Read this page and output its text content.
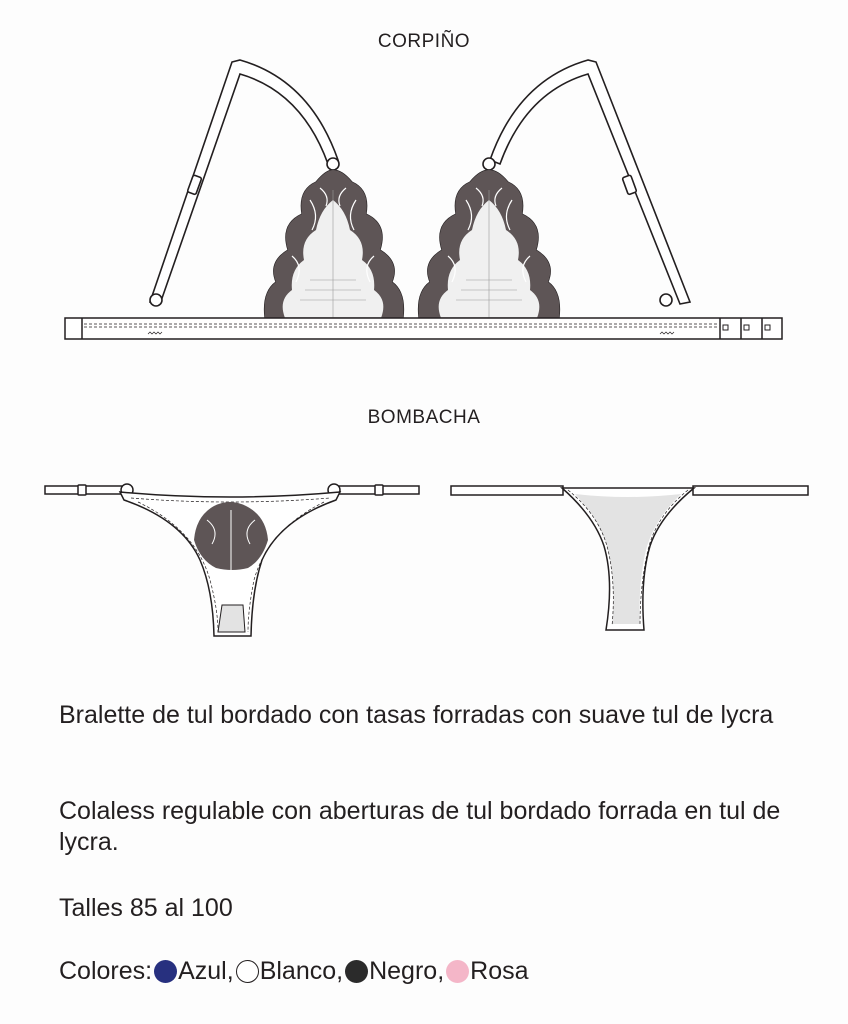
CORPIÑO
BOMBACHA
Bralette de tul bordado con tasas forradas con suave tul de lycra
Colaless regulable con aberturas de tul bordado forrada en tul de lycra.
Talles 85 al 100
Colores: Azul , Blanco , Negro , Rosa
